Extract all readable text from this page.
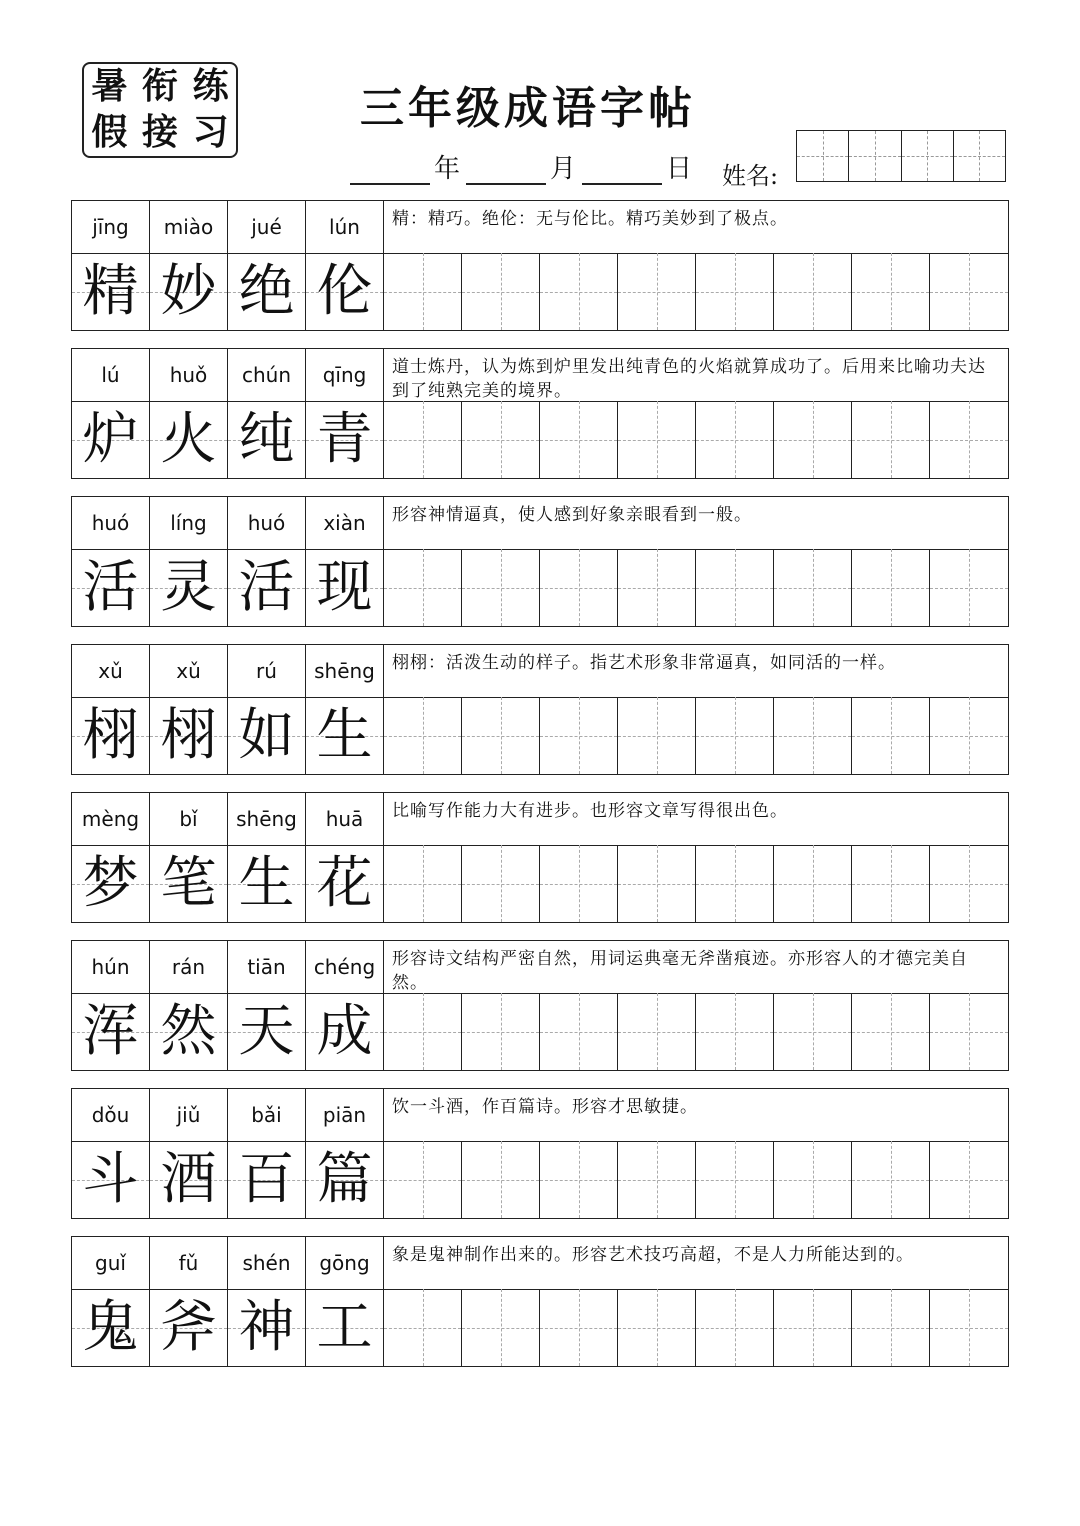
暑 衔 练
假 接 习	三年级成语字帖
年	月	日 姓名:
jīng	miào	jué	lún	精：精巧。绝伦：无与伦比。精巧美妙到了极点。
精 妙 绝 伦
lú	huǒ	chún	qīng	道士炼丹，认为炼到炉里发出纯青色的火焰就算成功了。后用来比喻功夫达到了纯熟完美的境界。
炉 火 纯 青
huó	líng	huó	xiàn	形容神情逼真，使人感到好象亲眼看到一般。
活 灵 活 现
xǔ	xǔ	rú	shēng	栩栩：活泼生动的样子。指艺术形象非常逼真，如同活的一样。
栩 栩 如 生
mèng	bǐ	shēng	huā	比喻写作能力大有进步。也形容文章写得很出色。
梦 笔 生 花
hún	rán	tiān	chéng 形容诗文结构严密自然，用词运典毫无斧凿痕迹。亦形容人的才德完美自然。
浑 然 天 成
dǒu	jiǔ	bǎi	piān	饮一斗酒，作百篇诗。形容才思敏捷。
斗 酒 百 篇
guǐ	fǔ	shén	gōng	象是鬼神制作出来的。形容艺术技巧高超，不是人力所能达到的。
鬼 斧 神 工
